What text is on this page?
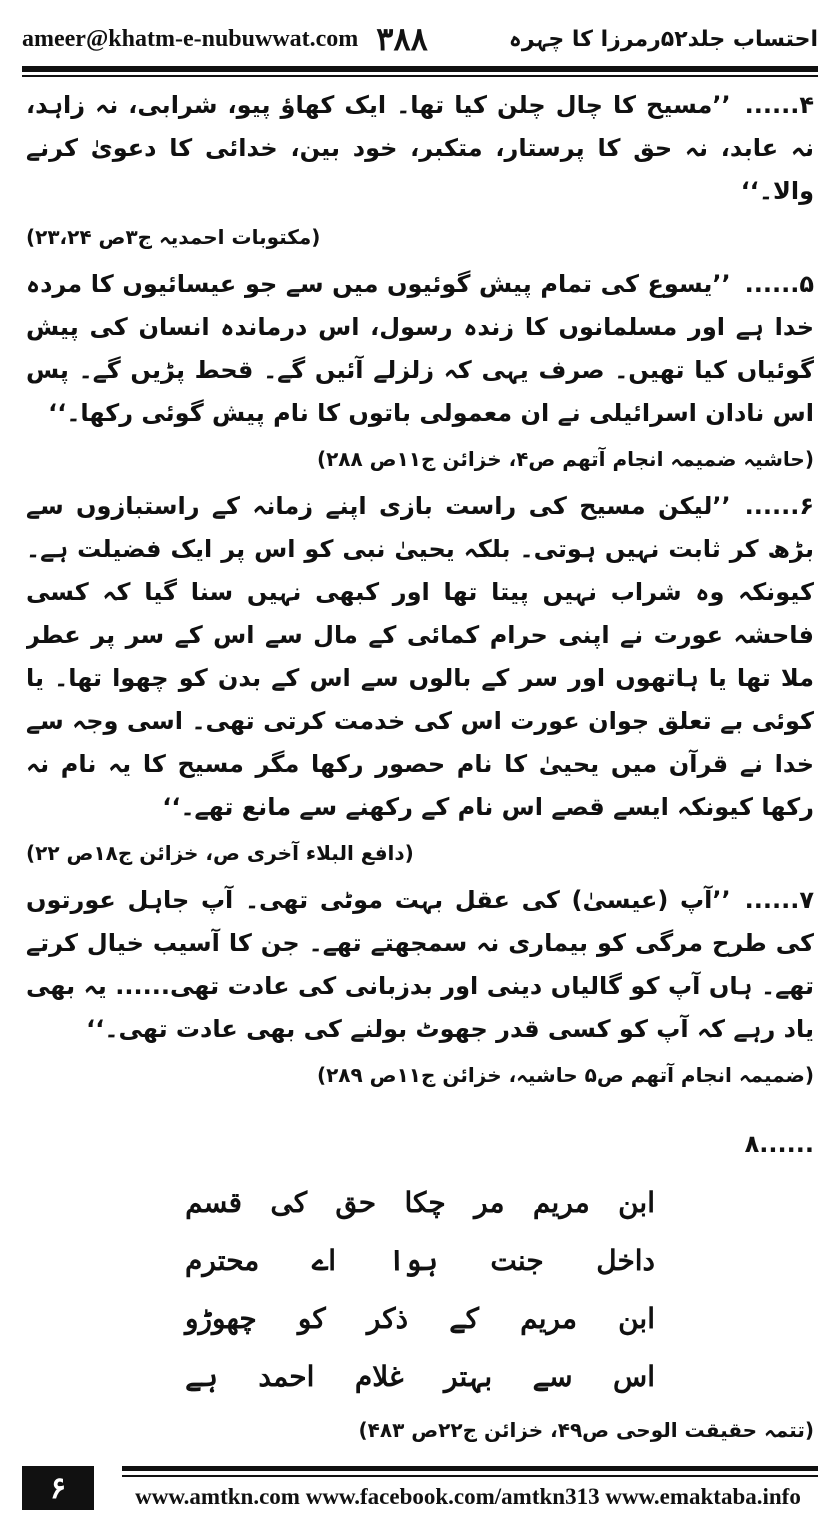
ameer@khatm-e-nubuwwat.com ۳۸۸	احتساب جلد۵۲رمرزا کا چہرہ

۴......’’مسیح کا چال چلن کیا تھا۔ ایک کھاؤ پیو، شرابی، نہ زاہد، نہ عابد، نہ حق کا پرستار، متکبر، خود بین، خدائی کا دعویٰ کرنے والا۔‘‘

(مکتوبات احمدیہ ج۳ص ۲۳،۲۴)

۵......’’یسوع کی تمام پیش گوئیوں میں سے جو عیسائیوں کا مردہ خدا ہے اور مسلمانوں کا زندہ رسول، اس درماندہ انسان کی پیش گوئیاں کیا تھیں۔ صرف یہی کہ زلزلے آئیں گے۔ قحط پڑیں گے۔ پس اس نادان اسرائیلی نے ان معمولی باتوں کا نام پیش گوئی رکھا۔‘‘

(حاشیہ ضمیمہ انجام آتھم ص۴، خزائن ج۱۱ص ۲۸۸)

۶......’’لیکن مسیح کی راست بازی اپنے زمانہ کے راستبازوں سے بڑھ کر ثابت نہیں ہوتی۔ بلکہ یحییٰ نبی کو اس پر ایک فضیلت ہے۔ کیونکہ وہ شراب نہیں پیتا تھا اور کبھی نہیں سنا گیا کہ کسی فاحشہ عورت نے اپنی حرام کمائی کے مال سے اس کے سر پر عطر ملا تھا یا ہاتھوں اور سر کے بالوں سے اس کے بدن کو چھوا تھا۔ یا کوئی بے تعلق جوان عورت اس کی خدمت کرتی تھی۔ اسی وجہ سے خدا نے قرآن میں یحییٰ کا نام حصور رکھا مگر مسیح کا یہ نام نہ رکھا کیونکہ ایسے قصے اس نام کے رکھنے سے مانع تھے۔‘‘

(دافع البلاء آخری ص، خزائن ج۱۸ص ۲۲)

۷......’’آپ (عیسیٰ) کی عقل بہت موٹی تھی۔ آپ جاہل عورتوں کی طرح مرگی کو بیماری نہ سمجھتے تھے۔ جن کا آسیب خیال کرتے تھے۔ ہاں آپ کو گالیاں دینی اور بدزبانی کی عادت تھی...... یہ بھی یاد رہے کہ آپ کو کسی قدر جھوٹ بولنے کی بھی عادت تھی۔‘‘

(ضمیمہ انجام آتھم ص۵ حاشیہ، خزائن ج۱۱ص ۲۸۹)

......۸

ابن
مریم
مر
چکا
حق
کی
قسم
داخل
جنت
ہوا
اے
محترم
ابن
مریم
کے
ذکر
کو
چھوڑو
اس
سے
بہتر
غلام
احمد
ہے

(تتمہ حقیقت الوحی ص۴۹، خزائن ج۲۲ص ۴۸۳)

۶	www.amtkn.com www.facebook.com/amtkn313 www.emaktaba.info
